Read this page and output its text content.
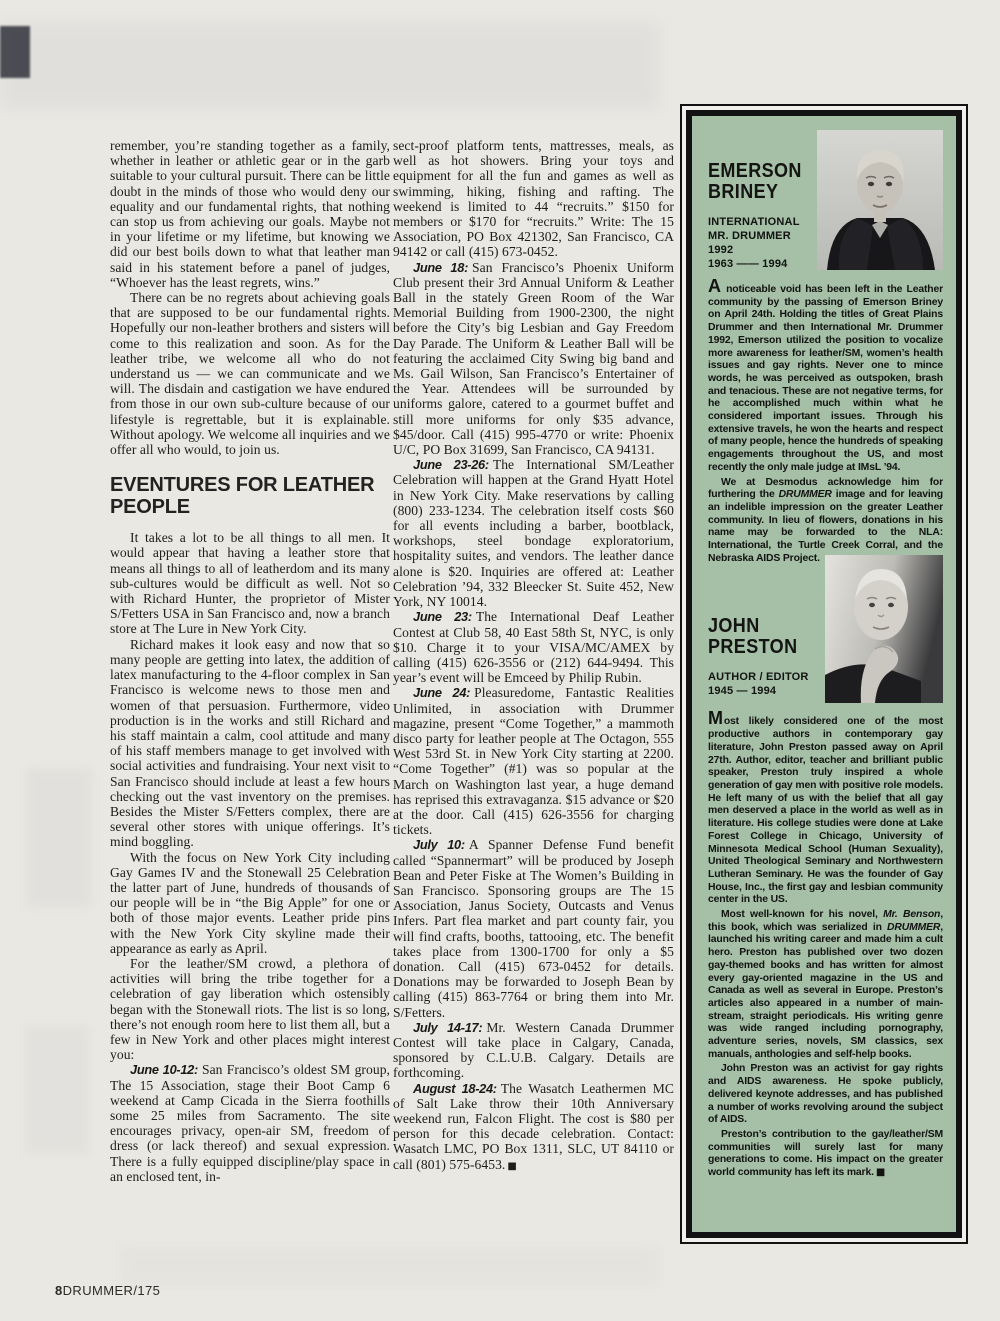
remember, you’re standing together as a family, whether in leather or athletic gear or in the garb suitable to your cultural pursuit. There can be little doubt in the minds of those who would deny our equality and our fundamental rights, that nothing can stop us from achieving our goals. Maybe not in your lifetime or my lifetime, but knowing we did our best boils down to what that leather man said in his statement before a panel of judges, “Whoever has the least regrets, wins.”

There can be no regrets about achieving goals that are supposed to be our fundamental rights. Hopefully our non-leather brothers and sisters will come to this realization and soon. As for the leather tribe, we welcome all who do not understand us — we can communicate and we will. The disdain and castigation we have endured from those in our own sub-culture because of our lifestyle is regrettable, but it is explainable. Without apology. We welcome all inquiries and we offer all who would, to join us.

EVENTURES FOR LEATHER PEOPLE

It takes a lot to be all things to all men. It would appear that having a leather store that means all things to all of leatherdom and its many sub-cultures would be difficult as well. Not so with Richard Hunter, the proprietor of Mister S/Fetters USA in San Francisco and, now a branch store at The Lure in New York City.

Richard makes it look easy and now that so many people are getting into latex, the addition of latex manufacturing to the 4-floor complex in San Francisco is welcome news to those men and women of that persuasion. Furthermore, video production is in the works and still Richard and his staff maintain a calm, cool attitude and many of his staff members manage to get involved with social activities and fundraising. Your next visit to San Francisco should include at least a few hours checking out the vast inventory on the premises. Besides the Mister S/Fetters complex, there are several other stores with unique offerings. It’s mind boggling.

With the focus on New York City including Gay Games IV and the Stonewall 25 Celebration the latter part of June, hundreds of thousands of our people will be in “the Big Apple” for one or both of those major events. Leather pride pins with the New York City skyline made their appearance as early as April.

For the leather/SM crowd, a plethora of activities will bring the tribe together for a celebration of gay liberation which ostensibly began with the Stonewall riots. The list is so long, there’s not enough room here to list them all, but a few in New York and other places might interest you:

June 10-12: San Francisco’s oldest SM group, The 15 Association, stage their Boot Camp 6 weekend at Camp Cicada in the Sierra foothills some 25 miles from Sacramento. The site encourages privacy, open-air SM, freedom of dress (or lack thereof) and sexual expression. There is a fully equipped discipline/play space in an enclosed tent, in-

sect-proof platform tents, mattresses, meals, as well as hot showers. Bring your toys and equipment for all the fun and games as well as swimming, hiking, fishing and rafting. The weekend is limited to 44 “recruits.” $150 for members or $170 for “recruits.” Write: The 15 Association, PO Box 421302, San Francisco, CA 94142 or call (415) 673-0452.

June 18: San Francisco’s Phoenix Uniform Club present their 3rd Annual Uniform & Leather Ball in the stately Green Room of the War Memorial Building from 1900-2300, the night before the City’s big Lesbian and Gay Freedom Day Parade. The Uniform & Leather Ball will be featuring the acclaimed City Swing big band and Ms. Gail Wilson, San Francisco’s Entertainer of the Year. Attendees will be surrounded by uniforms galore, catered to a gourmet buffet and still more uniforms for only $35 advance, $45/door. Call (415) 995-4770 or write: Phoenix U/C, PO Box 31699, San Francisco, CA 94131.

June 23-26: The International SM/Leather Celebration will happen at the Grand Hyatt Hotel in New York City. Make reservations by calling (800) 233-1234. The celebration itself costs $60 for all events including a barber, bootblack, workshops, steel bondage exploratorium, hospitality suites, and vendors. The leather dance alone is $20. Inquiries are offered at: Leather Celebration ’94, 332 Bleecker St. Suite 452, New York, NY 10014.

June 23: The International Deaf Leather Contest at Club 58, 40 East 58th St, NYC, is only $10. Charge it to your VISA/MC/AMEX by calling (415) 626-3556 or (212) 644-9494. This year’s event will be Emceed by Philip Rubin.

June 24: Pleasuredome, Fantastic Realities Unlimited, in association with Drummer magazine, present “Come Together,” a mammoth disco party for leather people at The Octagon, 555 West 53rd St. in New York City starting at 2200. “Come Together” (#1) was so popular at the March on Washington last year, a huge demand has reprised this extravaganza. $15 advance or $20 at the door. Call (415) 626-3556 for charging tickets.

July 10: A Spanner Defense Fund benefit called “Spannermart” will be produced by Joseph Bean and Peter Fiske at The Women’s Building in San Francisco. Sponsoring groups are The 15 Association, Janus Society, Outcasts and Venus Infers. Part flea market and part county fair, you will find crafts, booths, tattooing, etc. The benefit takes place from 1300-1700 for only a $5 donation. Call (415) 673-0452 for details. Donations may be forwarded to Joseph Bean by calling (415) 863-7764 or bring them into Mr. S/Fetters.

July 14-17: Mr. Western Canada Drummer Contest will take place in Calgary, Canada, sponsored by C.L.U.B. Calgary. Details are forthcoming.

August 18-24: The Wasatch Leathermen MC of Salt Lake throw their 10th Anniversary weekend run, Falcon Flight. The cost is $80 per person for this decade celebration. Contact: Wasatch LMC, PO Box 1311, SLC, UT 84110 or call (801) 575-6453. ■

EMERSON
BRINEY
INTERNATIONAL
MR. DRUMMER 1992
1963 —— 1994

A noticeable void has been left in the Leather community by the passing of Emerson Briney on April 24th. Holding the titles of Great Plains Drummer and then International Mr. Drummer 1992, Emerson utilized the position to vocalize more awareness for leather/SM, women’s health issues and gay rights. Never one to mince words, he was perceived as outspoken, brash and tenacious. These are not negative terms, for he accomplished much within what he considered important issues. Through his extensive travels, he won the hearts and respect of many people, hence the hundreds of speaking engagements throughout the US, and most recently the only male judge at IMsL ’94.

We at Desmodus acknowledge him for furthering the DRUMMER image and for leaving an indelible impression on the greater Leather community. In lieu of flowers, donations in his name may be forwarded to the NLA: International, the Turtle Creek Corral, and the Nebraska AIDS Project.

JOHN
PRESTON
AUTHOR / EDITOR
1945 — 1994

Most likely considered one of the most productive authors in contemporary gay literature, John Preston passed away on April 27th. Author, editor, teacher and brilliant public speaker, Preston truly inspired a whole generation of gay men with positive role models. He left many of us with the belief that all gay men deserved a place in the world as well as in literature. His college studies were done at Lake Forest College in Chicago, University of Minnesota Medical School (Human Sexuality), United Theological Seminary and Northwestern Lutheran Seminary. He was the founder of Gay House, Inc., the first gay and lesbian community center in the US.

Most well-known for his novel, Mr. Benson, this book, which was serialized in DRUMMER, launched his writing career and made him a cult hero. Preston has published over two dozen gay-themed books and has written for almost every gay-oriented magazine in the US and Canada as well as several in Europe. Preston’s articles also appeared in a number of main-stream, straight periodicals. His writing genre was wide ranged including pornography, adventure series, novels, SM classics, sex manuals, anthologies and self-help books.

John Preston was an activist for gay rights and AIDS awareness. He spoke publicly, delivered keynote addresses, and has published a number of works revolving around the subject of AIDS.

Preston’s contribution to the gay/leather/SM communities will surely last for many generations to come. His impact on the greater world community has left its mark. ■

8DRUMMER/175
